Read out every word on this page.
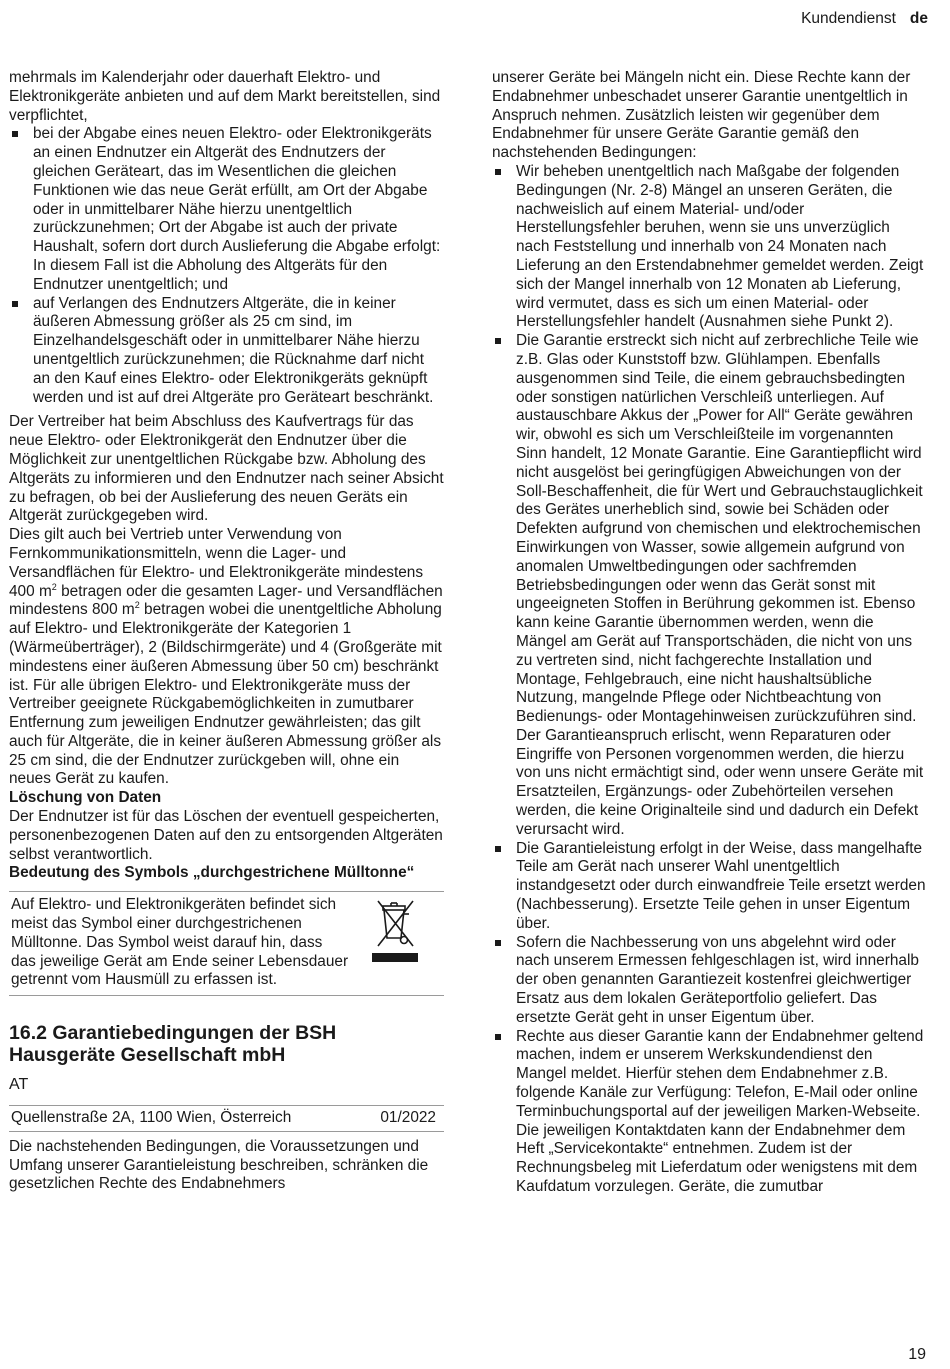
Kundendienst de

mehrmals im Kalenderjahr oder dauerhaft Elektro- und Elektronikgeräte anbieten und auf dem Markt bereitstellen, sind verpflichtet,

bei der Abgabe eines neuen Elektro- oder Elektronikgeräts an einen Endnutzer ein Altgerät des Endnutzers der gleichen Geräteart, das im Wesentlichen die gleichen Funktionen wie das neue Gerät erfüllt, am Ort der Abgabe oder in unmittelbarer Nähe hierzu unentgeltlich zurückzunehmen; Ort der Abgabe ist auch der private Haushalt, sofern dort durch Auslieferung die Abgabe erfolgt: In diesem Fall ist die Abholung des Altgeräts für den Endnutzer unentgeltlich; und
auf Verlangen des Endnutzers Altgeräte, die in keiner äußeren Abmessung größer als 25 cm sind, im Einzelhandelsgeschäft oder in unmittelbarer Nähe hierzu unentgeltlich zurückzunehmen; die Rücknahme darf nicht an den Kauf eines Elektro- oder Elektronikgeräts geknüpft werden und ist auf drei Altgeräte pro Geräteart beschränkt.

Der Vertreiber hat beim Abschluss des Kaufvertrags für das neue Elektro- oder Elektronikgerät den Endnutzer über die Möglichkeit zur unentgeltlichen Rückgabe bzw. Abholung des Altgeräts zu informieren und den Endnutzer nach seiner Absicht zu befragen, ob bei der Auslieferung des neuen Geräts ein Altgerät zurückgegeben wird.

Dies gilt auch bei Vertrieb unter Verwendung von Fernkommunikationsmitteln, wenn die Lager- und Versandflächen für Elektro- und Elektronikgeräte mindestens 400 $m^2$ betragen oder die gesamten Lager- und Versandflächen mindestens 800 $m^2$ betragen wobei die unentgeltliche Abholung auf Elektro- und Elektronikgeräte der Kategorien 1 (Wärmeüberträger), 2 (Bildschirmgeräte) und 4 (Großgeräte mit mindestens einer äußeren Abmessung über 50 cm) beschränkt ist. Für alle übrigen Elektro- und Elektronikgeräte muss der Vertreiber geeignete Rückgabemöglichkeiten in zumutbarer Entfernung zum jeweiligen Endnutzer gewährleisten; das gilt auch für Altgeräte, die in keiner äußeren Abmessung größer als 25 cm sind, die der Endnutzer zurückgeben will, ohne ein neues Gerät zu kaufen.

Löschung von Daten

Der Endnutzer ist für das Löschen der eventuell gespeicherten, personenbezogenen Daten auf den zu entsorgenden Altgeräten selbst verantwortlich.

Bedeutung des Symbols „durchgestrichene Mülltonne“

Auf Elektro- und Elektronikgeräten befindet sich meist das Symbol einer durchgestrichenen Mülltonne. Das Symbol weist darauf hin, dass das jeweilige Gerät am Ende seiner Lebensdauer getrennt vom Hausmüll zu erfassen ist.
16.2 Garantiebedingungen der BSH Hausgeräte Gesellschaft mbH
AT
Quellenstraße 2A, 1100 Wien, Österreich	01/2022

Die nachstehenden Bedingungen, die Voraussetzungen und Umfang unserer Garantieleistung beschreiben, schränken die gesetzlichen Rechte des Endabnehmers

unserer Geräte bei Mängeln nicht ein. Diese Rechte kann der Endabnehmer unbeschadet unserer Garantie unentgeltlich in Anspruch nehmen. Zusätzlich leisten wir gegenüber dem Endabnehmer für unsere Geräte Garantie gemäß den nachstehenden Bedingungen:

Wir beheben unentgeltlich nach Maßgabe der folgenden Bedingungen (Nr. 2-8) Mängel an unseren Geräten, die nachweislich auf einem Material- und/oder Herstellungsfehler beruhen, wenn sie uns unverzüglich nach Feststellung und innerhalb von 24 Monaten nach Lieferung an den Erstendabnehmer gemeldet werden. Zeigt sich der Mangel innerhalb von 12 Monaten ab Lieferung, wird vermutet, dass es sich um einen Material- oder Herstellungsfehler handelt (Ausnahmen siehe Punkt 2).
Die Garantie erstreckt sich nicht auf zerbrechliche Teile wie z.B. Glas oder Kunststoff bzw. Glühlampen. Ebenfalls ausgenommen sind Teile, die einem gebrauchsbedingten oder sonstigen natürlichen Verschleiß unterliegen. Auf austauschbare Akkus der „Power for All“ Geräte gewähren wir, obwohl es sich um Verschleißteile im vorgenannten Sinn handelt, 12 Monate Garantie. Eine Garantiepflicht wird nicht ausgelöst bei geringfügigen Abweichungen von der Soll-Beschaffenheit, die für Wert und Gebrauchstauglichkeit des Gerätes unerheblich sind, sowie bei Schäden oder Defekten aufgrund von chemischen und elektrochemischen Einwirkungen von Wasser, sowie allgemein aufgrund von anomalen Umweltbedingungen oder sachfremden Betriebsbedingungen oder wenn das Gerät sonst mit ungeeigneten Stoffen in Berührung gekommen ist. Ebenso kann keine Garantie übernommen werden, wenn die Mängel am Gerät auf Transportschäden, die nicht von uns zu vertreten sind, nicht fachgerechte Installation und Montage, Fehlgebrauch, eine nicht haushaltsübliche Nutzung, mangelnde Pflege oder Nichtbeachtung von Bedienungs- oder Montagehinweisen zurückzuführen sind. Der Garantieanspruch erlischt, wenn Reparaturen oder Eingriffe von Personen vorgenommen werden, die hierzu von uns nicht ermächtigt sind, oder wenn unsere Geräte mit Ersatzteilen, Ergänzungs- oder Zubehörteilen versehen werden, die keine Originalteile sind und dadurch ein Defekt verursacht wird.
Die Garantieleistung erfolgt in der Weise, dass mangelhafte Teile am Gerät nach unserer Wahl unentgeltlich instandgesetzt oder durch einwandfreie Teile ersetzt werden (Nachbesserung). Ersetzte Teile gehen in unser Eigentum über.
Sofern die Nachbesserung von uns abgelehnt wird oder nach unserem Ermessen fehlgeschlagen ist, wird innerhalb der oben genannten Garantiezeit kostenfrei gleichwertiger Ersatz aus dem lokalen Geräteportfolio geliefert. Das ersetzte Gerät geht in unser Eigentum über.
Rechte aus dieser Garantie kann der Endabnehmer geltend machen, indem er unserem Werkskundendienst den Mangel meldet. Hierfür stehen dem Endabnehmer z.B. folgende Kanäle zur Verfügung: Telefon, E-Mail oder online Terminbuchungsportal auf der jeweiligen Marken-Webseite. Die jeweiligen Kontaktdaten kann der Endabnehmer dem Heft „Servicekontakte“ entnehmen. Zudem ist der Rechnungsbeleg mit Lieferdatum oder wenigstens mit dem Kaufdatum vorzulegen. Geräte, die zumutbar
19
